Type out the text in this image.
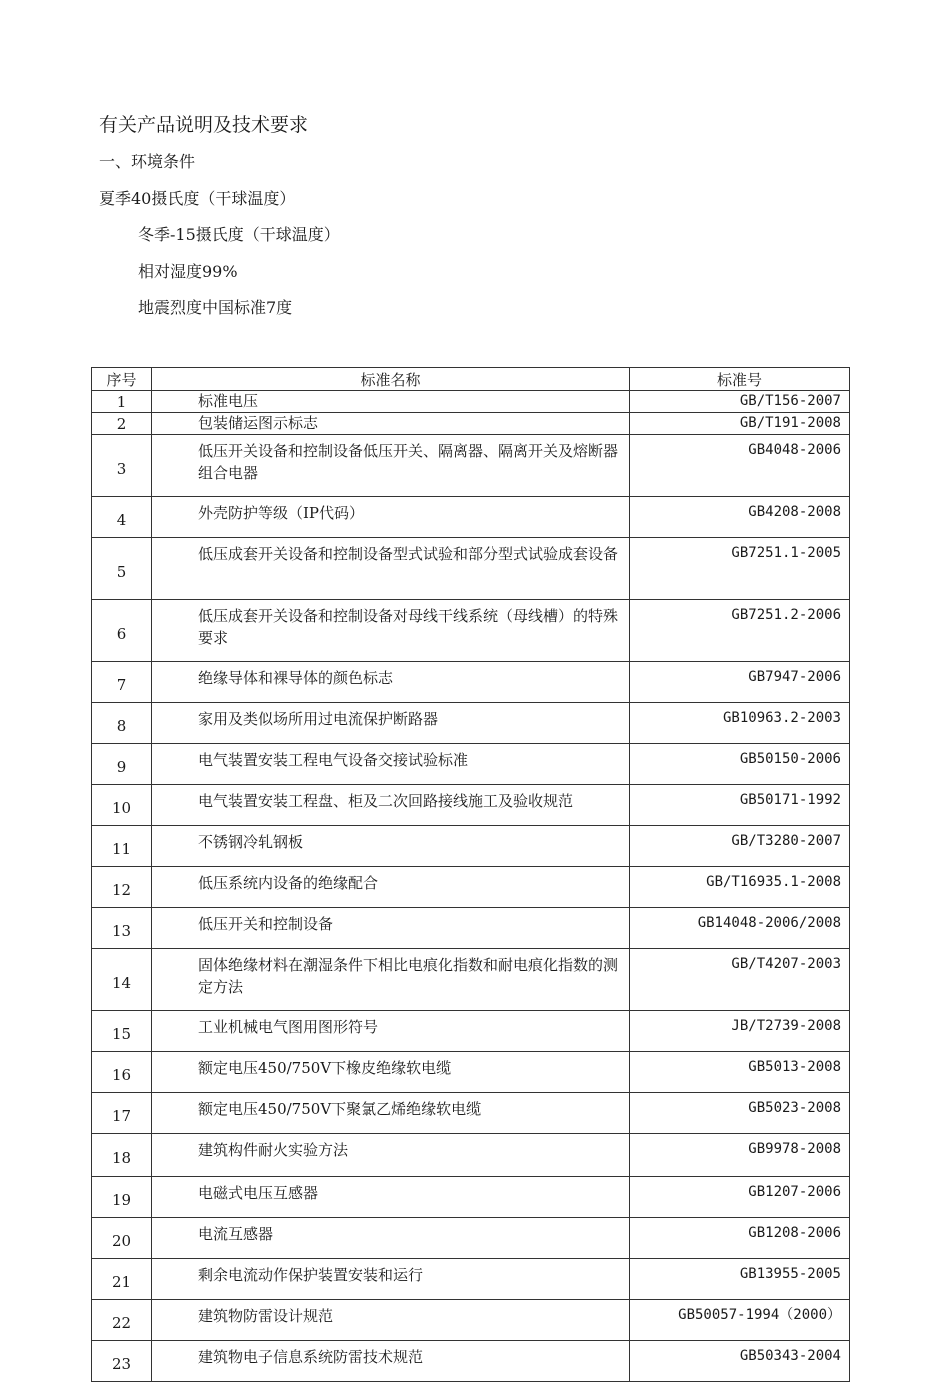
有关产品说明及技术要求
一、环境条件
夏季40摄氏度（干球温度）
冬季-15摄氏度（干球温度）
相对湿度99%
地震烈度中国标准7度
序号	标准名称	标准号
1	标准电压	GB/T156-2007
2	包装储运图示标志	GB/T191-2008
3	低压开关设备和控制设备低压开关、隔离器、隔离开关及熔断器组合电器	GB4048-2006
4	外壳防护等级（IP代码）	GB4208-2008
5	低压成套开关设备和控制设备型式试验和部分型式试验成套设备	GB7251.1-2005
6	低压成套开关设备和控制设备对母线干线系统（母线槽）的特殊要求	GB7251.2-2006
7	绝缘导体和裸导体的颜色标志	GB7947-2006
8	家用及类似场所用过电流保护断路器	GB10963.2-2003
9	电气装置安装工程电气设备交接试验标准	GB50150-2006
10	电气装置安装工程盘、柜及二次回路接线施工及验收规范	GB50171-1992
11	不锈钢冷轧钢板	GB/T3280-2007
12	低压系统内设备的绝缘配合	GB/T16935.1-2008
13	低压开关和控制设备	GB14048-2006/2008
14	固体绝缘材料在潮湿条件下相比电痕化指数和耐电痕化指数的测定方法	GB/T4207-2003
15	工业机械电气图用图形符号	JB/T2739-2008
16	额定电压450/750V下橡皮绝缘软电缆	GB5013-2008
17	额定电压450/750V下聚氯乙烯绝缘软电缆	GB5023-2008
18	建筑构件耐火实验方法	GB9978-2008
19	电磁式电压互感器	GB1207-2006
20	电流互感器	GB1208-2006
21	剩余电流动作保护装置安装和运行	GB13955-2005
22	建筑物防雷设计规范	GB50057-1994（2000）
23	建筑物电子信息系统防雷技术规范	GB50343-2004
